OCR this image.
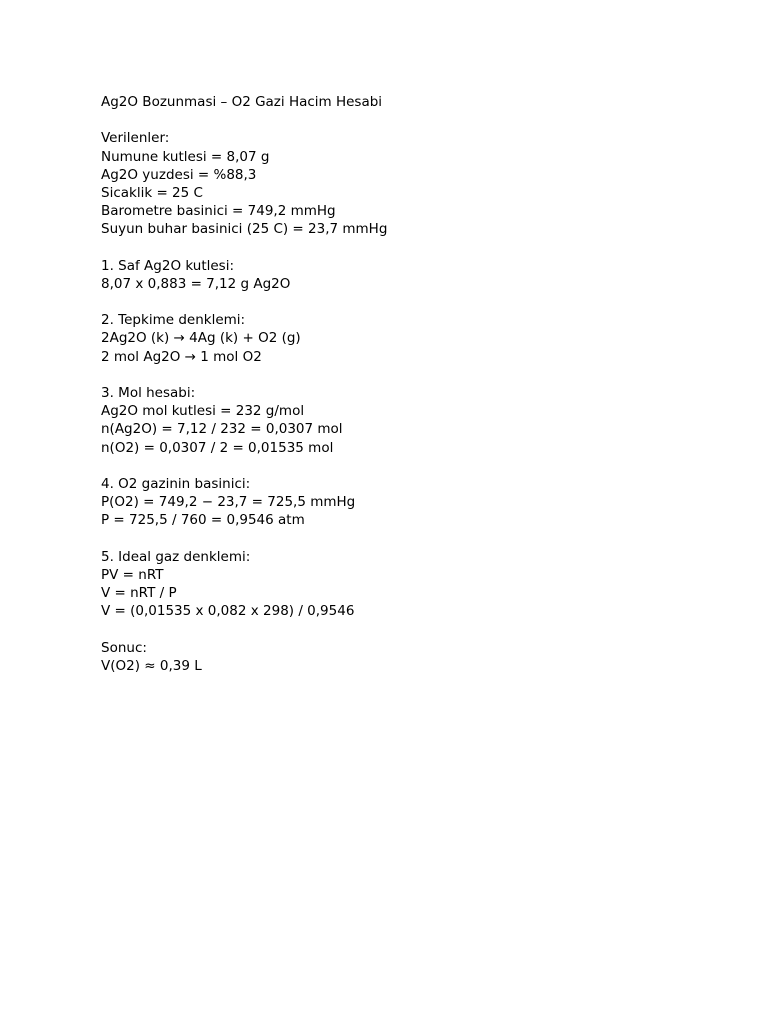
Ag2O Bozunmasi – O2 Gazi Hacim Hesabi
Verilenler:
Numune kutlesi = 8,07 g
Ag2O yuzdesi = %88,3
Sicaklik = 25 C
Barometre basinici = 749,2 mmHg
Suyun buhar basinici (25 C) = 23,7 mmHg
1. Saf Ag2O kutlesi:
8,07 x 0,883 = 7,12 g Ag2O
2. Tepkime denklemi:
2Ag2O (k) → 4Ag (k) + O2 (g)
2 mol Ag2O → 1 mol O2
3. Mol hesabi:
Ag2O mol kutlesi = 232 g/mol
n(Ag2O) = 7,12 / 232 = 0,0307 mol
n(O2) = 0,0307 / 2 = 0,01535 mol
4. O2 gazinin basinici:
P(O2) = 749,2 − 23,7 = 725,5 mmHg
P = 725,5 / 760 = 0,9546 atm
5. Ideal gaz denklemi:
PV = nRT
V = nRT / P
V = (0,01535 x 0,082 x 298) / 0,9546
Sonuc:
V(O2) ≈ 0,39 L
